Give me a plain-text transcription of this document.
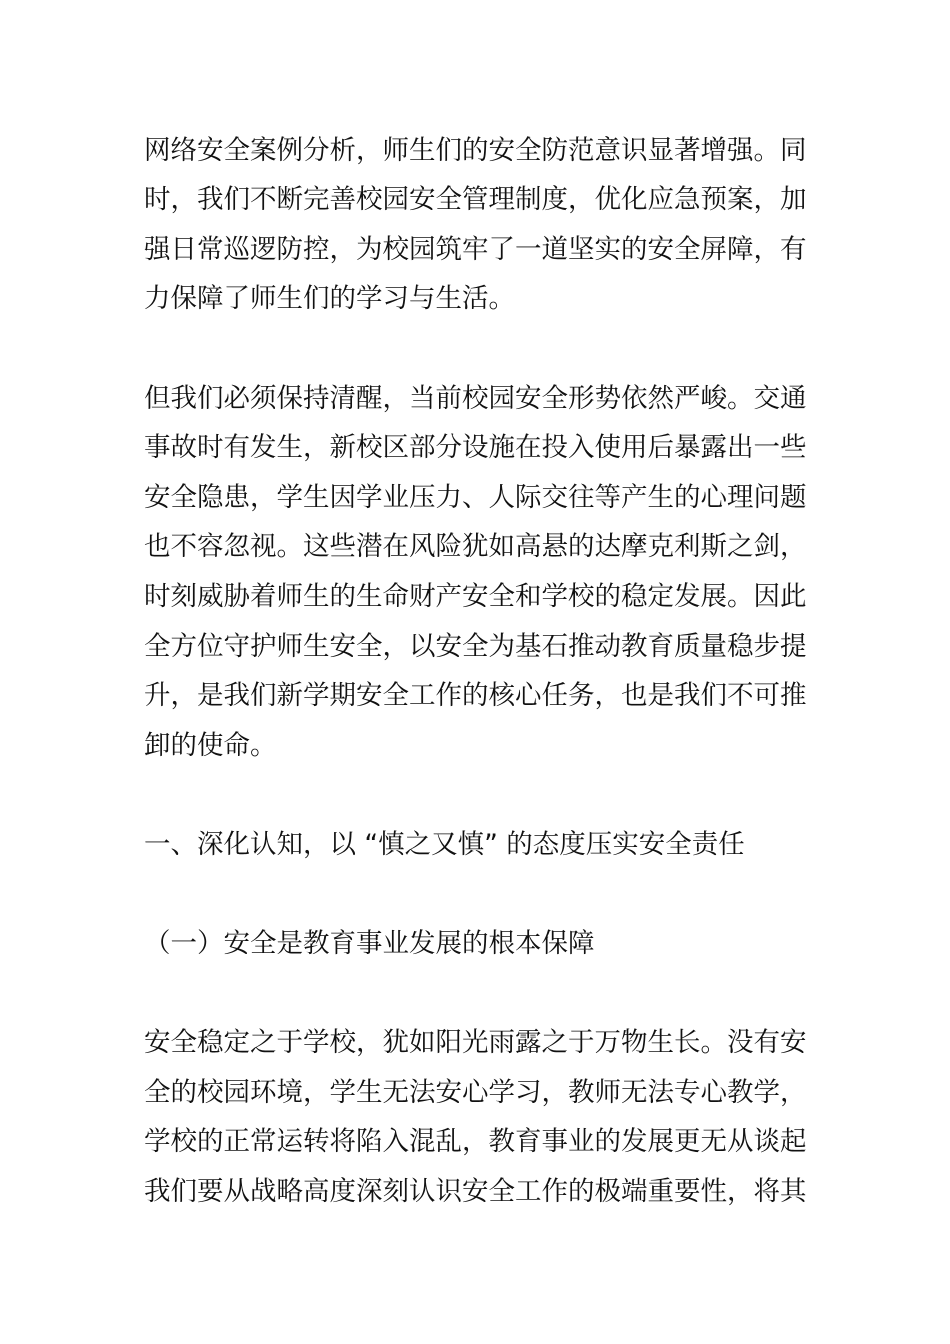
网络安全案例分析，师生们的安全防范意识显著增强。同
时，我们不断完善校园安全管理制度，优化应急预案，加
强日常巡逻防控，为校园筑牢了一道坚实的安全屏障，有
力保障了师生们的学习与生活。
但我们必须保持清醒，当前校园安全形势依然严峻。交通
事故时有发生，新校区部分设施在投入使用后暴露出一些
安全隐患，学生因学业压力、人际交往等产生的心理问题
也不容忽视。这些潜在风险犹如高悬的达摩克利斯之剑，
时刻威胁着师生的生命财产安全和学校的稳定发展。因此
全方位守护师生安全，以安全为基石推动教育质量稳步提
升，是我们新学期安全工作的核心任务，也是我们不可推
卸的使命。
一、深化认知，以 “慎之又慎” 的态度压实安全责任
（一）安全是教育事业发展的根本保障
安全稳定之于学校，犹如阳光雨露之于万物生长。没有安
全的校园环境，学生无法安心学习，教师无法专心教学，
学校的正常运转将陷入混乱，教育事业的发展更无从谈起
我们要从战略高度深刻认识安全工作的极端重要性，将其
